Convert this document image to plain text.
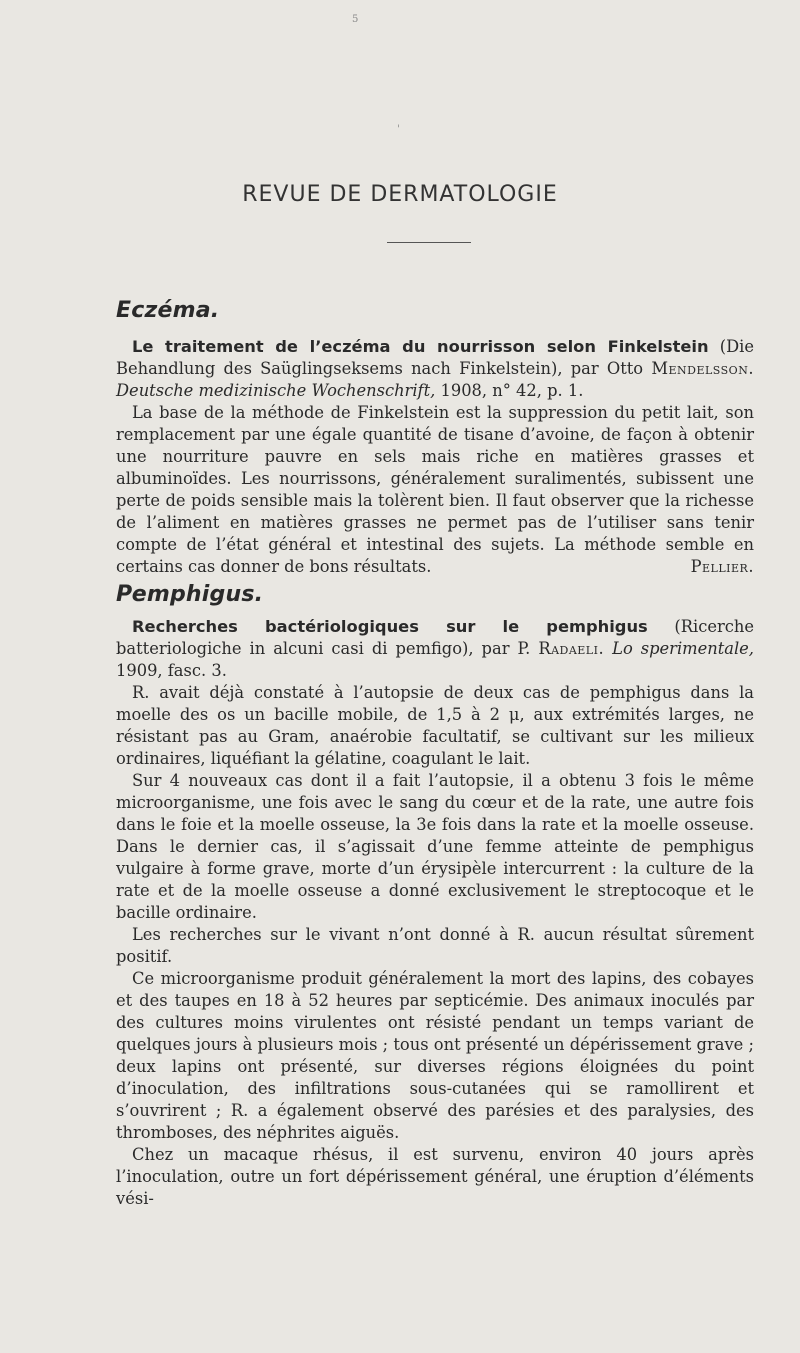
5
'
REVUE DE DERMATOLOGIE
Eczéma.

Le traitement de l’eczéma du nourrisson selon Finkelstein (Die Behandlung des Saüglingseksems nach Finkelstein), par Otto Mendelsson. Deutsche medizinische Wochenschrift, 1908, n° 42, p. 1.

La base de la méthode de Finkelstein est la suppression du petit lait, son remplacement par une égale quantité de tisane d’avoine, de façon à obtenir une nourriture pauvre en sels mais riche en matières grasses et albuminoïdes. Les nourrissons, généralement suralimentés, subissent une perte de poids sensible mais la tolèrent bien. Il faut observer que la richesse de l’aliment en matières grasses ne permet pas de l’utiliser sans tenir compte de l’état général et intestinal des sujets. La méthode semble en certains cas donner de bons résultats.	Pellier.

Pemphigus.

Recherches bactériologiques sur le pemphigus (Ricerche batteriologiche in alcuni casi di pemfigo), par P. Radaeli. Lo sperimentale, 1909, fasc. 3.

R. avait déjà constaté à l’autopsie de deux cas de pemphigus dans la moelle des os un bacille mobile, de 1,5 à 2 μ, aux extrémités larges, ne résistant pas au Gram, anaérobie facultatif, se cultivant sur les milieux ordinaires, liquéfiant la gélatine, coagulant le lait.

Sur 4 nouveaux cas dont il a fait l’autopsie, il a obtenu 3 fois le même microorganisme, une fois avec le sang du cœur et de la rate, une autre fois dans le foie et la moelle osseuse, la 3e fois dans la rate et la moelle osseuse. Dans le dernier cas, il s’agissait d’une femme atteinte de pemphigus vulgaire à forme grave, morte d’un érysipèle intercurrent : la culture de la rate et de la moelle osseuse a donné exclusivement le streptocoque et le bacille ordinaire.

Les recherches sur le vivant n’ont donné à R. aucun résultat sûrement positif.

Ce microorganisme produit généralement la mort des lapins, des cobayes et des taupes en 18 à 52 heures par septicémie. Des animaux inoculés par des cultures moins virulentes ont résisté pendant un temps variant de quelques jours à plusieurs mois ; tous ont présenté un dépérissement grave ; deux lapins ont présenté, sur diverses régions éloignées du point d’inoculation, des infiltrations sous-cutanées qui se ramollirent et s’ouvrirent ; R. a également observé des parésies et des paralysies, des thromboses, des néphrites aiguës.

Chez un macaque rhésus, il est survenu, environ 40 jours après l’inoculation, outre un fort dépérissement général, une éruption d’éléments vési-
